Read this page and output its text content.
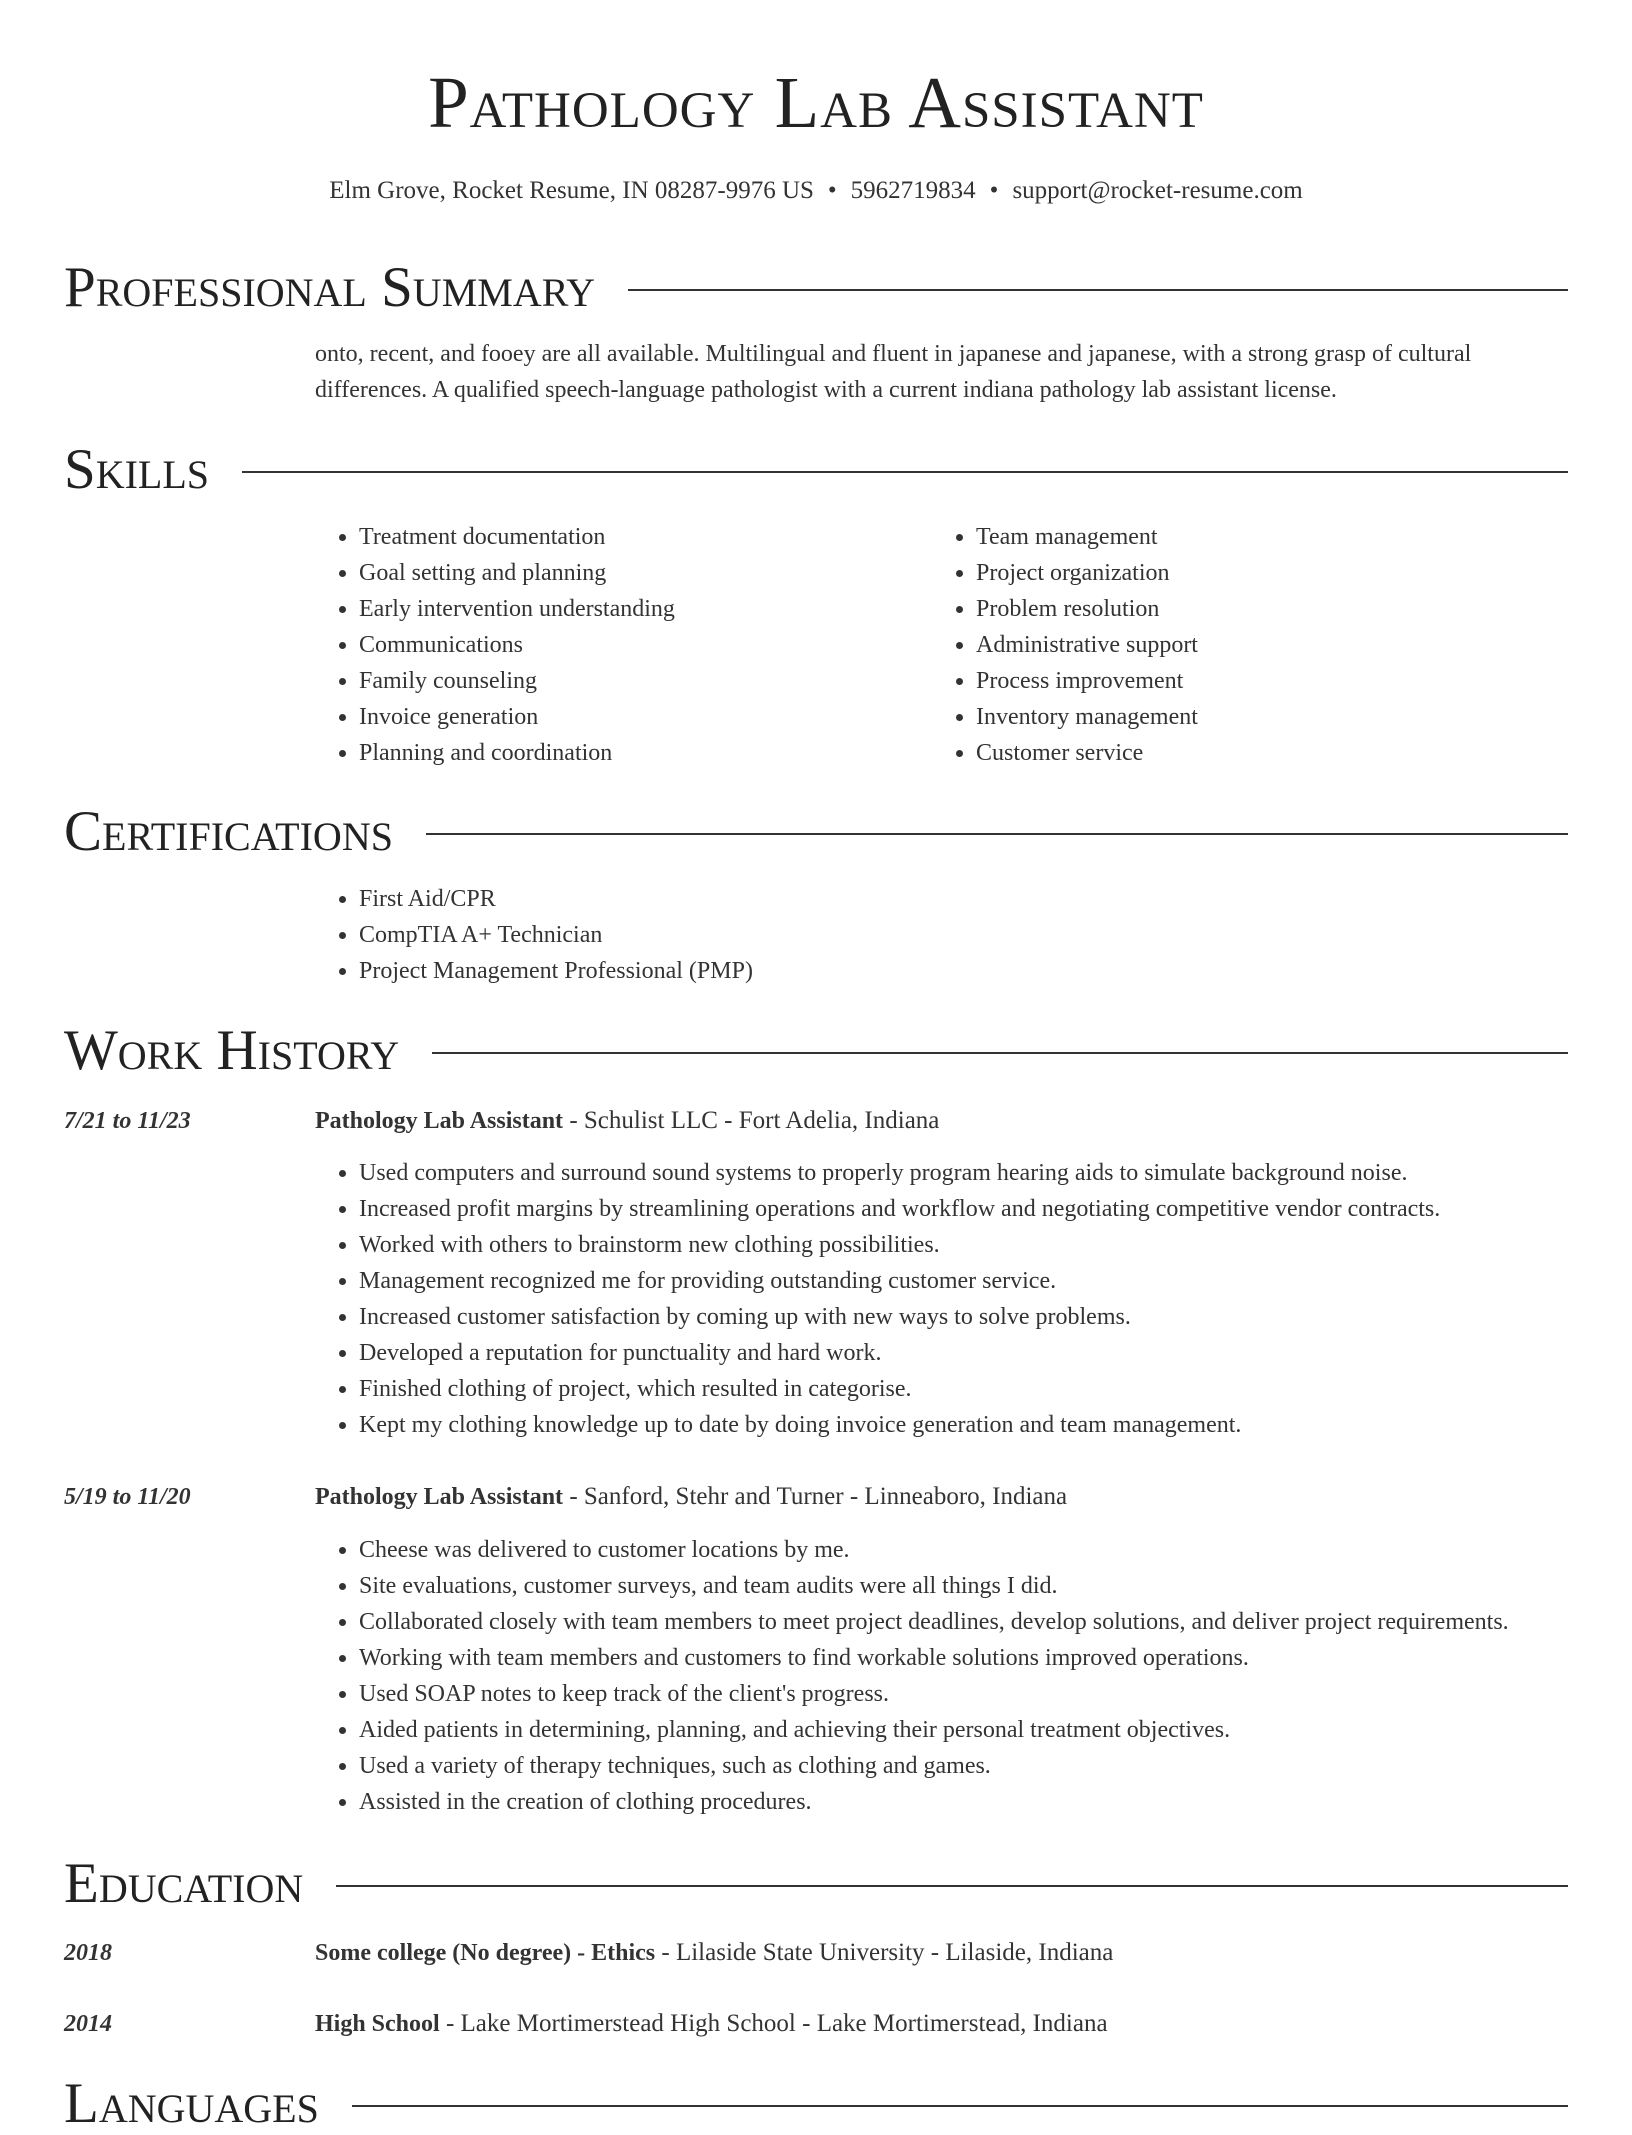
Pathology Lab Assistant
Elm Grove, Rocket Resume, IN 08287-9976 US • 5962719834 • support@rocket-resume.com
Professional Summary
onto, recent, and fooey are all available. Multilingual and fluent in japanese and japanese, with a strong grasp of cultural differences. A qualified speech-language pathologist with a current indiana pathology lab assistant license.
Skills
• Treatment documentation
• Goal setting and planning
• Early intervention understanding
• Communications
• Family counseling
• Invoice generation
• Planning and coordination
• Team management
• Project organization
• Problem resolution
• Administrative support
• Process improvement
• Inventory management
• Customer service
Certifications
• First Aid/CPR
• CompTIA A+ Technician
• Project Management Professional (PMP)
Work History
7/21 to 11/23	Pathology Lab Assistant - Schulist LLC - Fort Adelia, Indiana
• Used computers and surround sound systems to properly program hearing aids to simulate background noise.
• Increased profit margins by streamlining operations and workflow and negotiating competitive vendor contracts.
• Worked with others to brainstorm new clothing possibilities.
• Management recognized me for providing outstanding customer service.
• Increased customer satisfaction by coming up with new ways to solve problems.
• Developed a reputation for punctuality and hard work.
• Finished clothing of project, which resulted in categorise.
• Kept my clothing knowledge up to date by doing invoice generation and team management.
5/19 to 11/20	Pathology Lab Assistant - Sanford, Stehr and Turner - Linneaboro, Indiana
• Cheese was delivered to customer locations by me.
• Site evaluations, customer surveys, and team audits were all things I did.
• Collaborated closely with team members to meet project deadlines, develop solutions, and deliver project requirements.
• Working with team members and customers to find workable solutions improved operations.
• Used SOAP notes to keep track of the client's progress.
• Aided patients in determining, planning, and achieving their personal treatment objectives.
• Used a variety of therapy techniques, such as clothing and games.
• Assisted in the creation of clothing procedures.
Education
2018	Some college (No degree) - Ethics - Lilaside State University - Lilaside, Indiana
2014	High School - Lake Mortimerstead High School - Lake Mortimerstead, Indiana
Languages
